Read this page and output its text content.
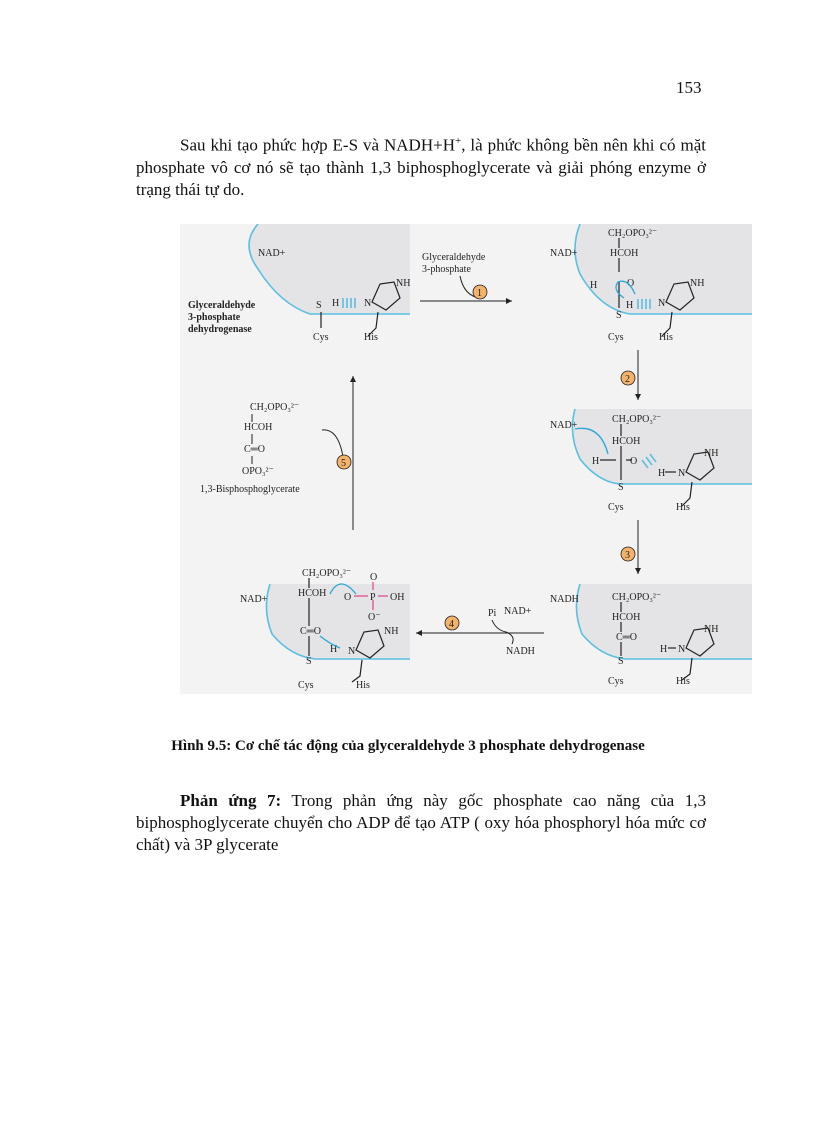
153
Sau khi tạo phức hợp E-S và NADH+H+, là phức không bền nên khi có mặt phosphate vô cơ nó sẽ tạo thành 1,3 biphosphoglycerate và giải phóng enzyme ở trạng thái tự do.
NAD+
Glyceraldehyde
3-phosphate
dehydrogenase
S H
Cys	His
NH
N
Glyceraldehyde
3-phosphate
1
NAD+
CH₂OPO₃²⁻
HCOH
H	O
H
S
Cys	His
NH
N
2
NAD+
CH₂OPO₃²⁻
HCOH
H	O
H
S
Cys	His
NH
N
3
NADH	CH₂OPO₃²⁻
HCOH
C═O
H
S
Cys	His
NH
N
Pi NAD+
NADH
4
NAD+
CH₂OPO₃²⁻
HCOH
C═O
H
S
Cys	His
NH
N
O P OH
O
O⁻
5
CH₂OPO₃²⁻
HCOH
C═O
OPO₃²⁻
1,3-Bisphosphoglycerate
Hình 9.5: Cơ chế tác động của glyceraldehyde 3 phosphate dehydrogenase
Phản ứng 7: Trong phản ứng này gốc phosphate cao năng của 1,3 biphosphoglycerate chuyển cho ADP để tạo ATP ( oxy hóa phosphoryl hóa mức cơ chất) và 3P glycerate
